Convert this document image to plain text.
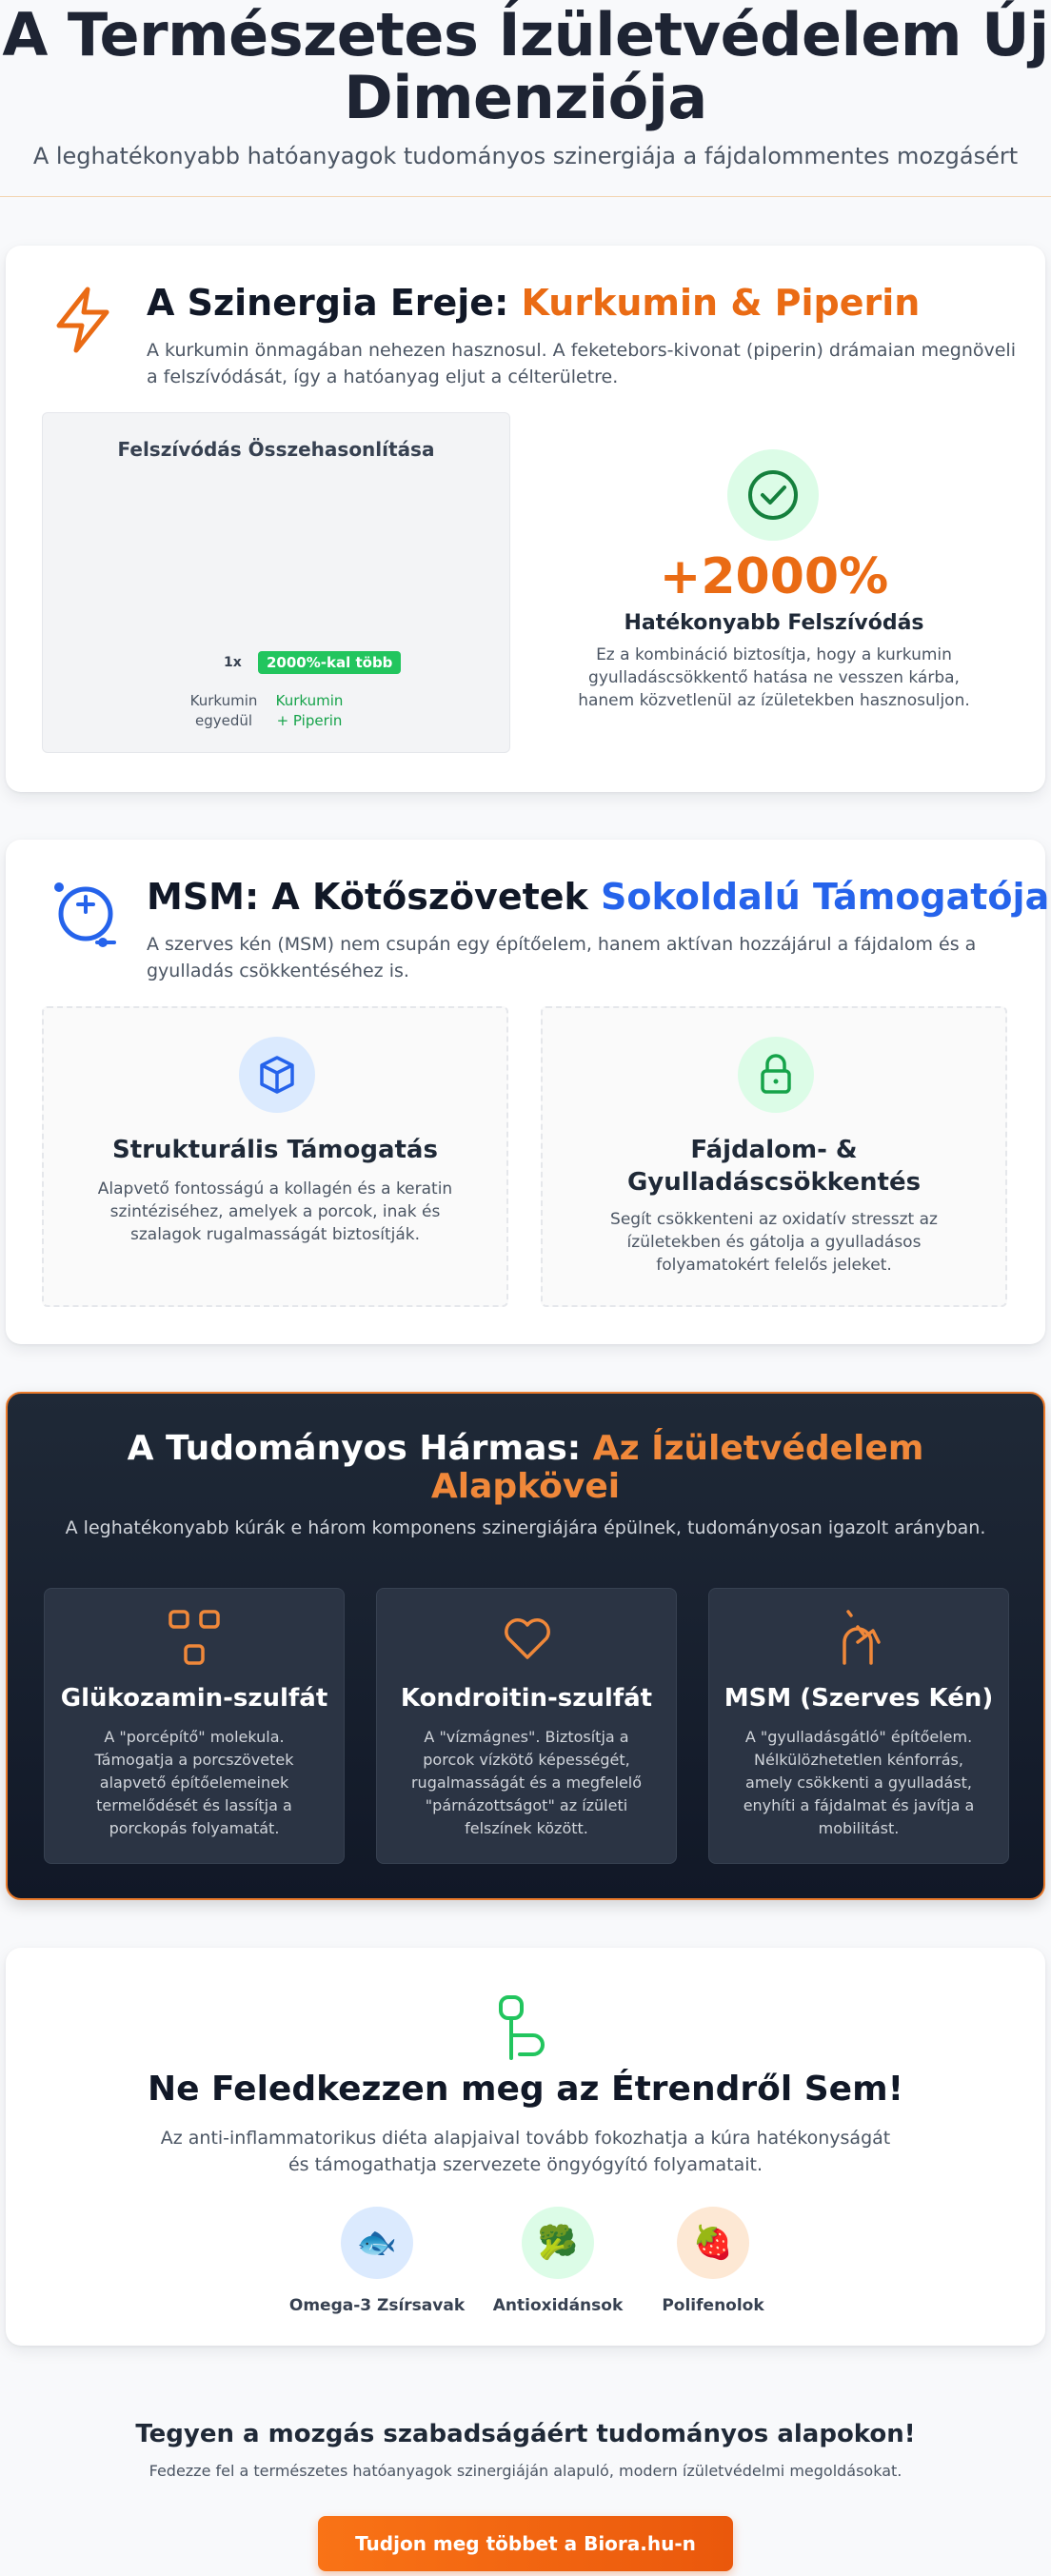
A Természetes Ízületvédelem Új
Dimenziója

A leghatékonyabb hatóanyagok tudományos szinergiája a fájdalommentes mozgásért

A Szinergia Ereje: Kurkumin & Piperin
A kurkumin önmagában nehezen hasznosul. A feketebors-kivonat (piperin) drámaian megnöveli a felszívódását, így a hatóanyag eljut a célterületre.
Felszívódás Összehasonlítása
1x	2000%-kal több
Kurkumin
egyedül
Kurkumin
+ Piperin
+2000%
Hatékonyabb Felszívódás
Ez a kombináció biztosítja, hogy a kurkumin gyulladáscsökkentő hatása ne vesszen kárba, hanem közvetlenül az ízületekben hasznosuljon.
MSM: A Kötőszövetek Sokoldalú Támogatója
A szerves kén (MSM) nem csupán egy építőelem, hanem aktívan hozzájárul a fájdalom és a gyulladás csökkentéséhez is.
Strukturális Támogatás
Alapvető fontosságú a kollagén és a keratin szintéziséhez, amelyek a porcok, inak és szalagok rugalmasságát biztosítják.
Fájdalom- &
Gyulladáscsökkentés
Segít csökkenteni az oxidatív stresszt az ízületekben és gátolja a gyulladásos folyamatokért felelős jeleket.
A Tudományos Hármas: Az Ízületvédelem Alapkövei
A leghatékonyabb kúrák e három komponens szinergiájára épülnek, tudományosan igazolt arányban.
Glükozamin-szulfát
A "porcépítő" molekula. Támogatja a porcszövetek alapvető építőelemeinek termelődését és lassítja a porckopás folyamatát.
Kondroitin-szulfát
A "vízmágnes". Biztosítja a porcok vízkötő képességét, rugalmasságát és a megfelelő "párnázottságot" az ízületi felszínek között.
MSM (Szerves Kén)
A "gyulladásgátló" építőelem. Nélkülözhetetlen kénforrás, amely csökkenti a gyulladást, enyhíti a fájdalmat és javítja a mobilitást.
Ne Feledkezzen meg az Étrendről Sem!
Az anti-inflammatorikus diéta alapjaival tovább fokozhatja a kúra hatékonyságát és támogathatja szervezete öngyógyító folyamatait.
🐟
Omega-3 Zsírsavak
🥦
Antioxidánsok
🍓
Polifenolok
Tegyen a mozgás szabadságáért tudományos alapokon!
Fedezze fel a természetes hatóanyagok szinergiáján alapuló, modern ízületvédelmi megoldásokat.
Tudjon meg többet a Biora.hu-n
